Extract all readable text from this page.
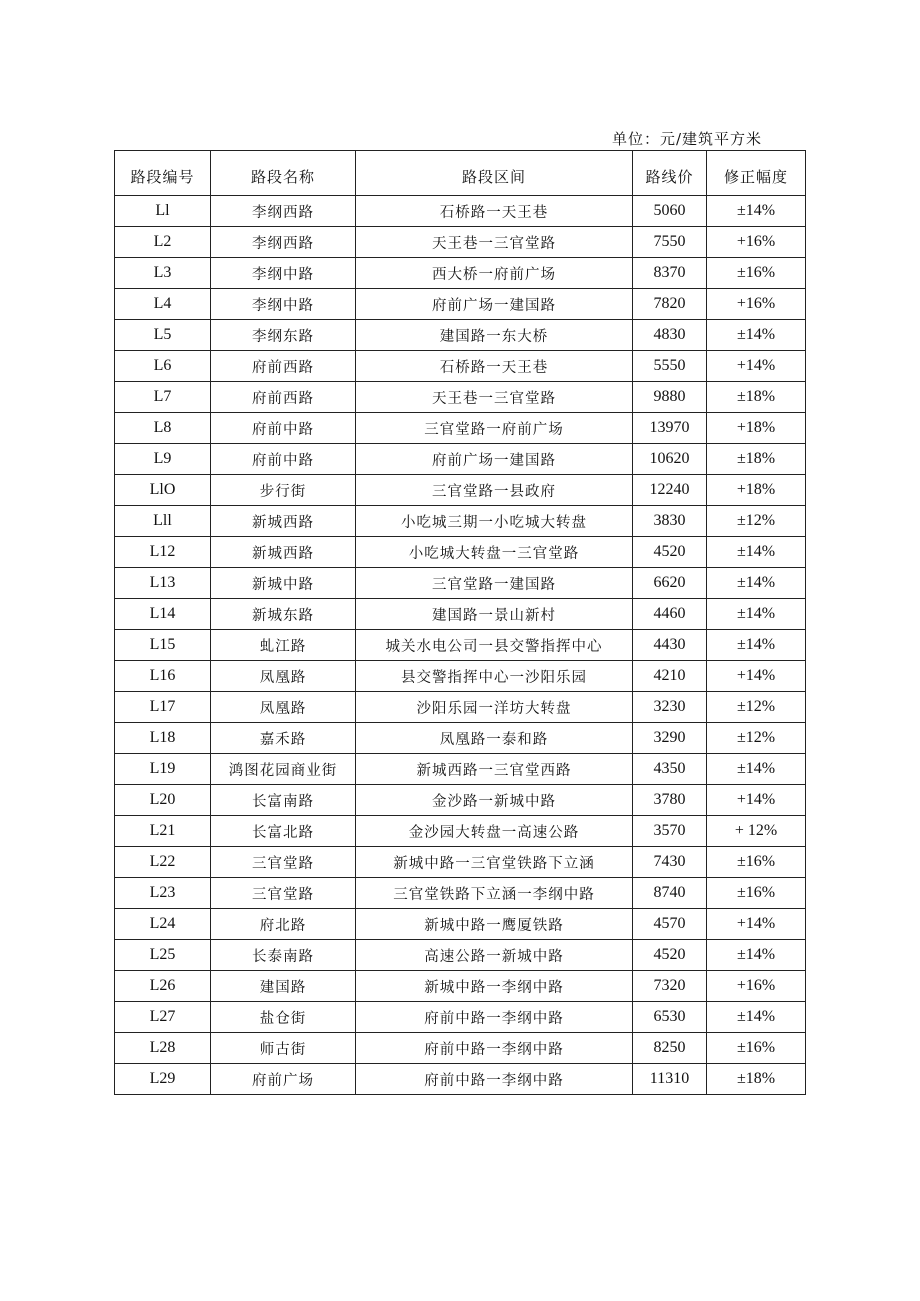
单位：元/建筑平方米
路段编号	路段名称	路段区间	路线价	修正幅度
Ll	李纲西路	石桥路一天王巷	5060	±14%
L2	李纲西路	天王巷一三官堂路	7550	+16%
L3	李纲中路	西大桥一府前广场	8370	±16%
L4	李纲中路	府前广场一建国路	7820	+16%
L5	李纲东路	建国路一东大桥	4830	±14%
L6	府前西路	石桥路一天王巷	5550	+14%
L7	府前西路	天王巷一三官堂路	9880	±18%
L8	府前中路	三官堂路一府前广场	13970	+18%
L9	府前中路	府前广场一建国路	10620	±18%
LlO	步行街	三官堂路一县政府	12240	+18%
Lll	新城西路	小吃城三期一小吃城大转盘	3830	±12%
L12	新城西路	小吃城大转盘一三官堂路	4520	±14%
L13	新城中路	三官堂路一建国路	6620	±14%
L14	新城东路	建国路一景山新村	4460	±14%
L15	虬江路	城关水电公司一县交警指挥中心	4430	±14%
L16	凤凰路	县交警指挥中心一沙阳乐园	4210	+14%
L17	凤凰路	沙阳乐园一洋坊大转盘	3230	±12%
L18	嘉禾路	凤凰路一泰和路	3290	±12%
L19	鸿图花园商业街	新城西路一三官堂西路	4350	±14%
L20	长富南路	金沙路一新城中路	3780	+14%
L21	长富北路	金沙园大转盘一高速公路	3570	+ 12%
L22	三官堂路	新城中路一三官堂铁路下立涵	7430	±16%
L23	三官堂路	三官堂铁路下立涵一李纲中路	8740	±16%
L24	府北路	新城中路一鹰厦铁路	4570	+14%
L25	长泰南路	高速公路一新城中路	4520	±14%
L26	建国路	新城中路一李纲中路	7320	+16%
L27	盐仓街	府前中路一李纲中路	6530	±14%
L28	师古街	府前中路一李纲中路	8250	±16%
L29	府前广场	府前中路一李纲中路	11310	±18%
